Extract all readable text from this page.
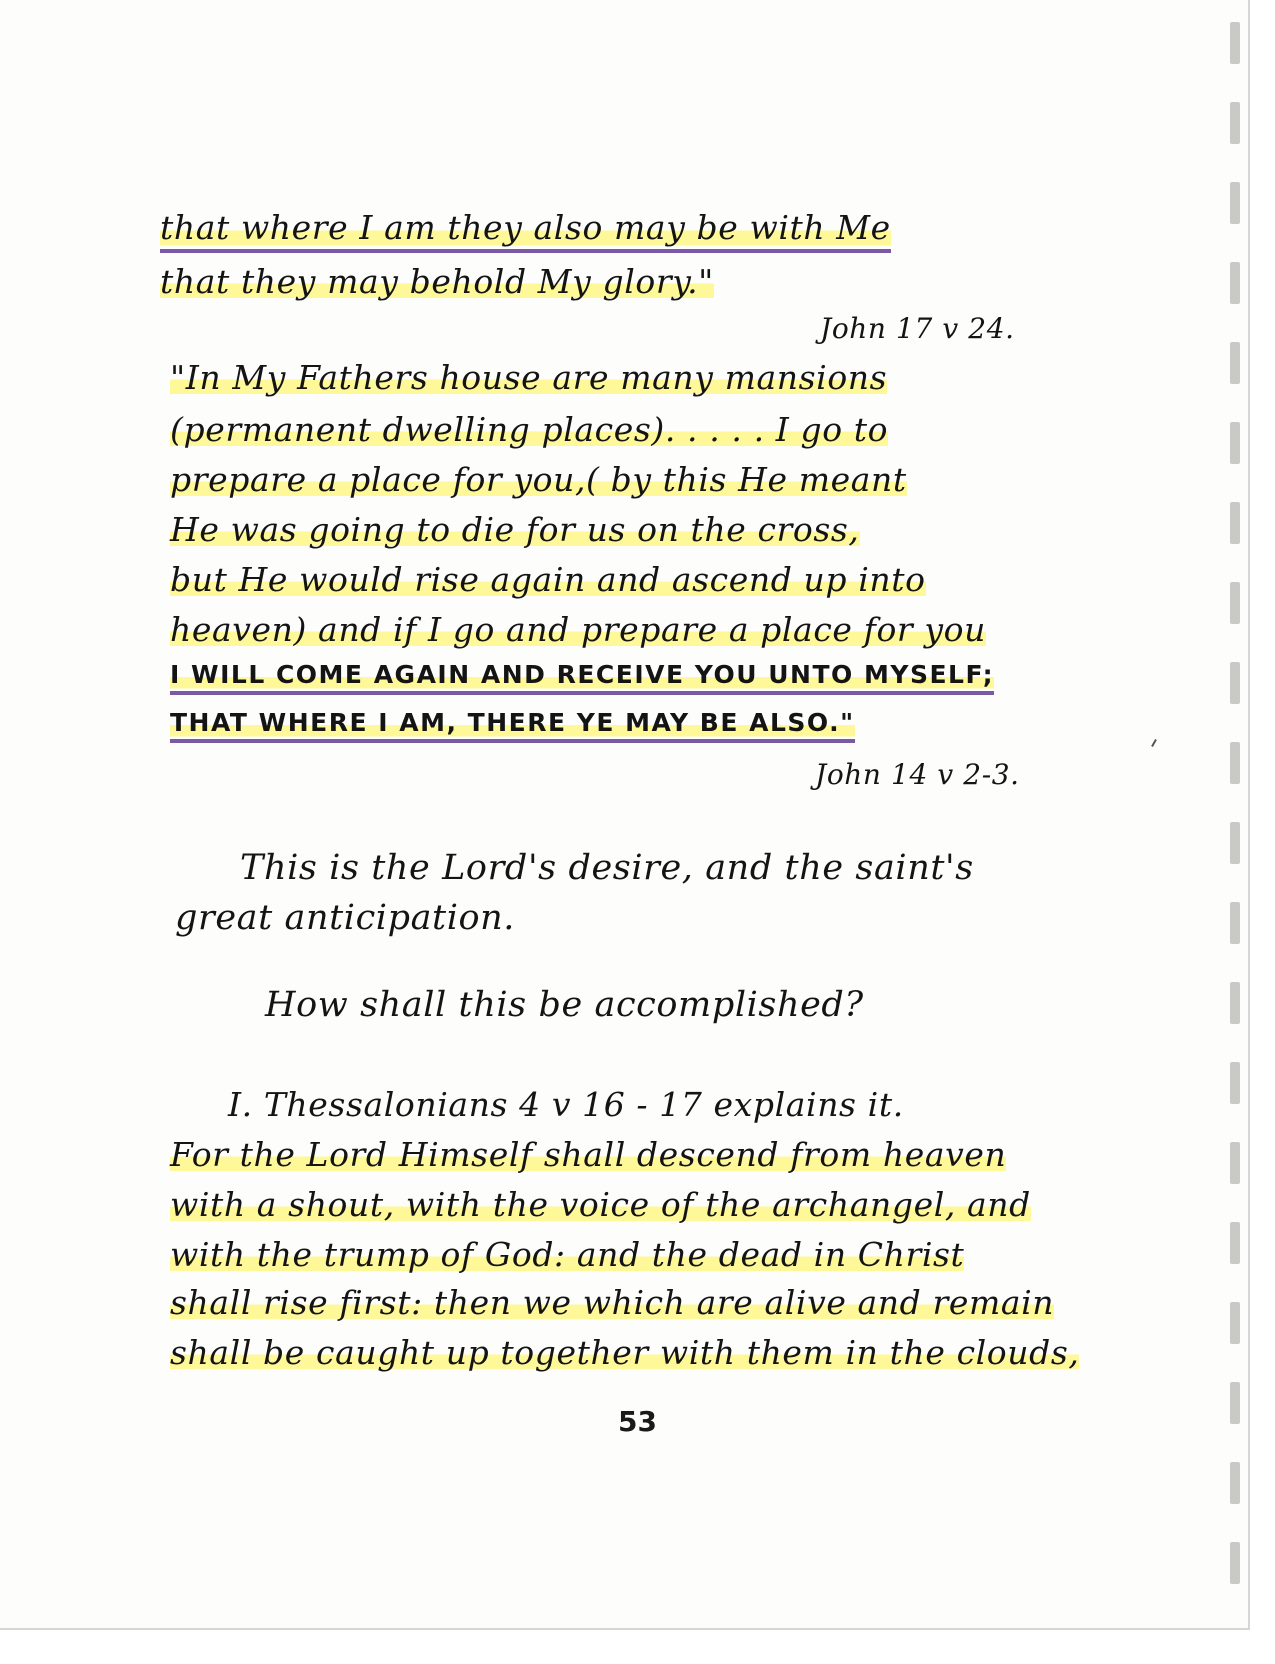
that where I am they also may be with Me

that they may behold My glory."

John 17 v 24.

"In My Fathers house are many mansions

(permanent dwelling places). . . . . I go to

prepare a place for you,( by this He meant

He was going to die for us on the cross,

but He would rise again and ascend up into

heaven) and if I go and prepare a place for you

I WILL COME AGAIN AND RECEIVE YOU UNTO MYSELF;

THAT WHERE I AM, THERE YE MAY BE ALSO."

John 14 v 2-3.

This is the Lord's desire, and the saint's

great anticipation.

How shall this be accomplished?

I. Thessalonians 4 v 16 - 17 explains it.

For the Lord Himself shall descend from heaven

with a shout, with the voice of the archangel, and

with the trump of God: and the dead in Christ

shall rise first: then we which are alive and remain

shall be caught up together with them in the clouds,

53
